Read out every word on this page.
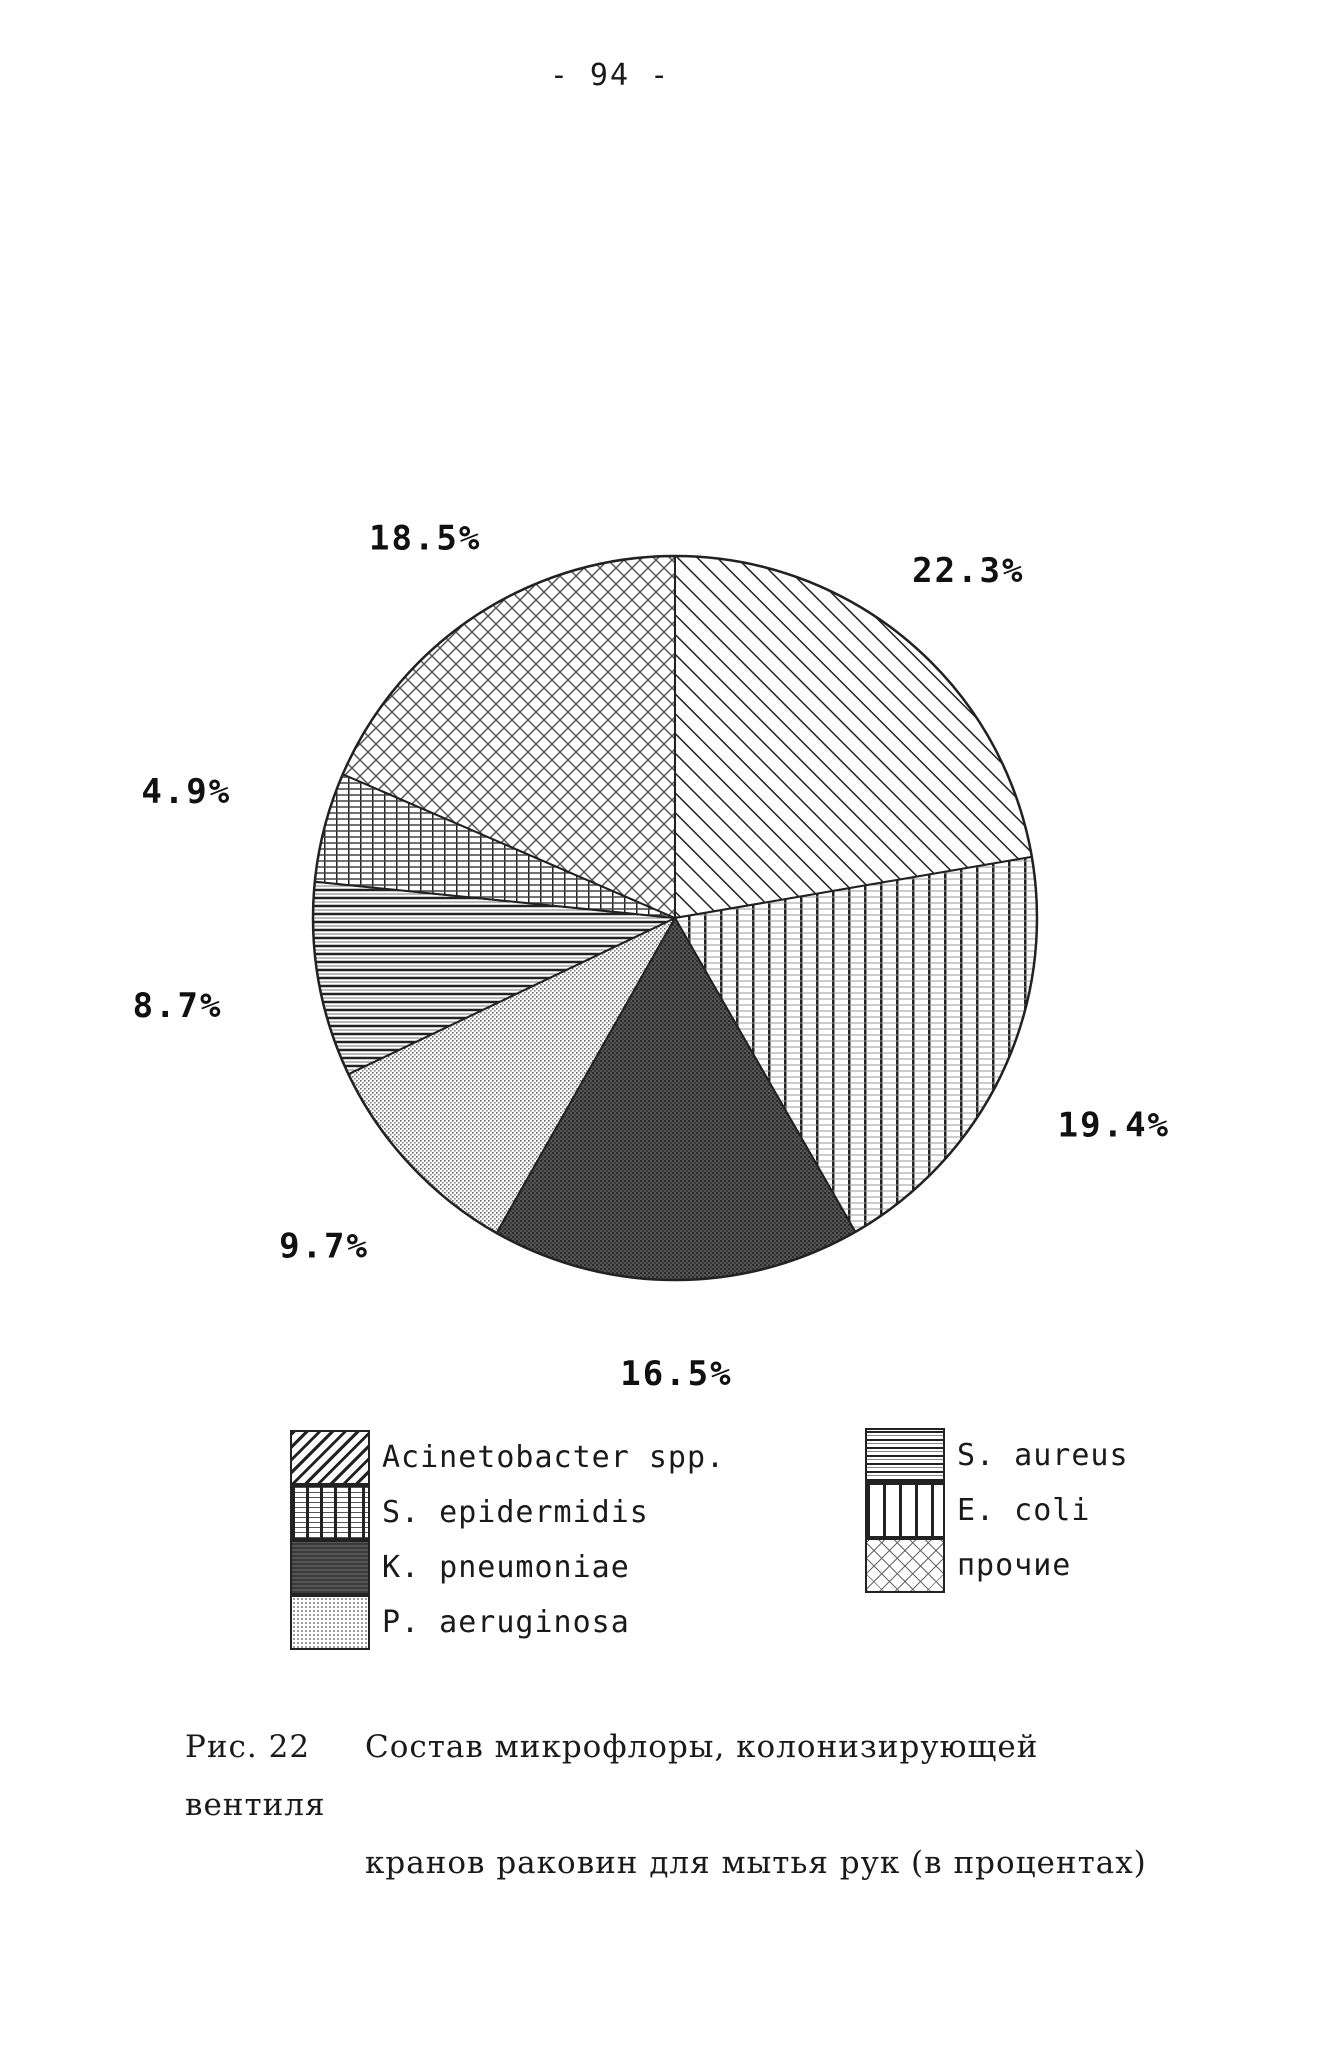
- 94 -
22.3%
19.4%
16.5%
9.7%
8.7%
4.9%
18.5%
Acinetobacter spp.
S. epidermidis
K. pneumoniae
P. aeruginosa
S. aureus
E. coli
прочие
Рис. 22 Состав микрофлоры, колонизирующей вентиля
кранов раковин для мытья рук (в процентах)
